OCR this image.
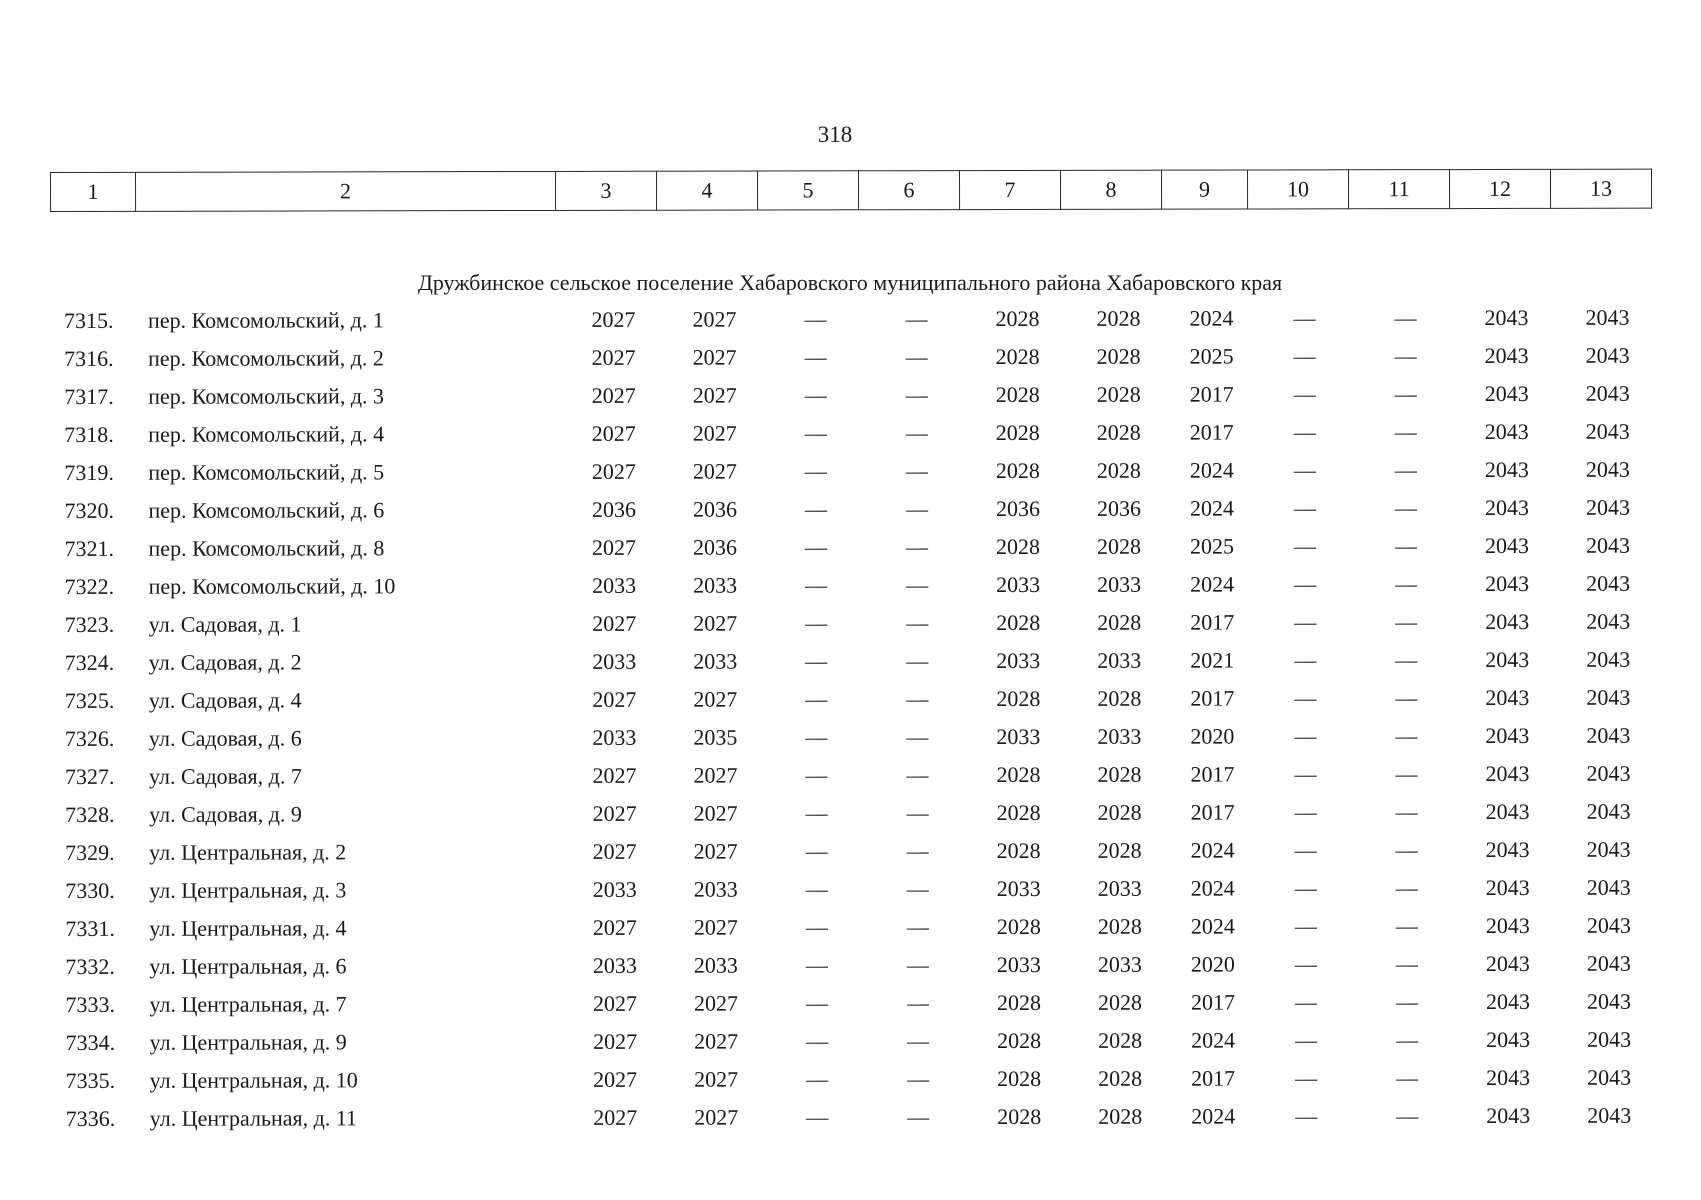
318
1	2	3	4	5	6	7	8	9	10	11	12	13
Дружбинское сельское поселение Хабаровского муниципального района Хабаровского края
7315.	пер. Комсомольский, д. 1	2027	2027	—	—	2028	2028	2024	—	—	2043	2043
7316.	пер. Комсомольский, д. 2	2027	2027	—	—	2028	2028	2025	—	—	2043	2043
7317.	пер. Комсомольский, д. 3	2027	2027	—	—	2028	2028	2017	—	—	2043	2043
7318.	пер. Комсомольский, д. 4	2027	2027	—	—	2028	2028	2017	—	—	2043	2043
7319.	пер. Комсомольский, д. 5	2027	2027	—	—	2028	2028	2024	—	—	2043	2043
7320.	пер. Комсомольский, д. 6	2036	2036	—	—	2036	2036	2024	—	—	2043	2043
7321.	пер. Комсомольский, д. 8	2027	2036	—	—	2028	2028	2025	—	—	2043	2043
7322.	пер. Комсомольский, д. 10	2033	2033	—	—	2033	2033	2024	—	—	2043	2043
7323.	ул. Садовая, д. 1	2027	2027	—	—	2028	2028	2017	—	—	2043	2043
7324.	ул. Садовая, д. 2	2033	2033	—	—	2033	2033	2021	—	—	2043	2043
7325.	ул. Садовая, д. 4	2027	2027	—	—	2028	2028	2017	—	—	2043	2043
7326.	ул. Садовая, д. 6	2033	2035	—	—	2033	2033	2020	—	—	2043	2043
7327.	ул. Садовая, д. 7	2027	2027	—	—	2028	2028	2017	—	—	2043	2043
7328.	ул. Садовая, д. 9	2027	2027	—	—	2028	2028	2017	—	—	2043	2043
7329.	ул. Центральная, д. 2	2027	2027	—	—	2028	2028	2024	—	—	2043	2043
7330.	ул. Центральная, д. 3	2033	2033	—	—	2033	2033	2024	—	—	2043	2043
7331.	ул. Центральная, д. 4	2027	2027	—	—	2028	2028	2024	—	—	2043	2043
7332.	ул. Центральная, д. 6	2033	2033	—	—	2033	2033	2020	—	—	2043	2043
7333.	ул. Центральная, д. 7	2027	2027	—	—	2028	2028	2017	—	—	2043	2043
7334.	ул. Центральная, д. 9	2027	2027	—	—	2028	2028	2024	—	—	2043	2043
7335.	ул. Центральная, д. 10	2027	2027	—	—	2028	2028	2017	—	—	2043	2043
7336.	ул. Центральная, д. 11	2027	2027	—	—	2028	2028	2024	—	—	2043	2043
